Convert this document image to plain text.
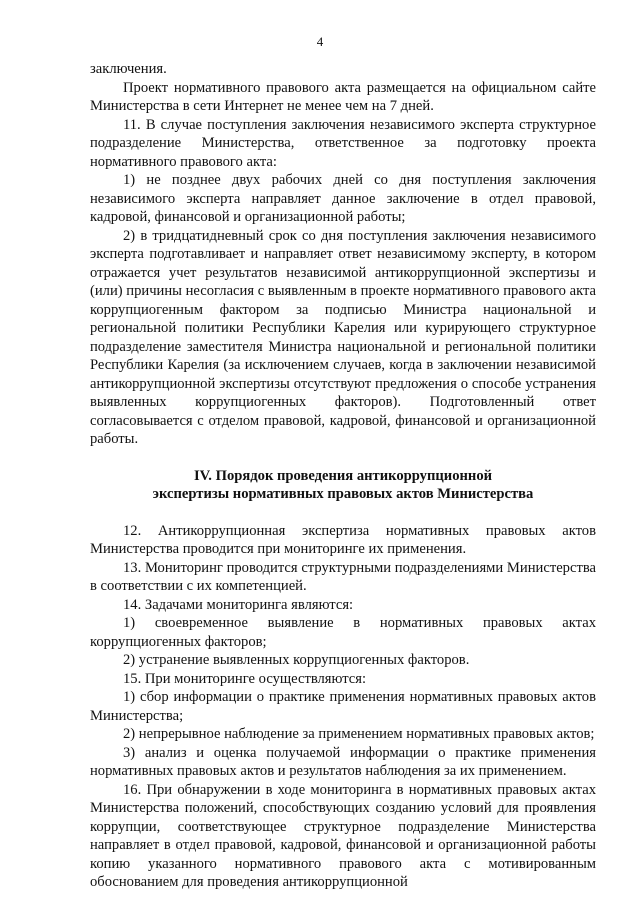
4

заключения.

Проект нормативного правового акта размещается на официальном сайте Министерства в сети Интернет не менее чем на 7 дней.

11. В случае поступления заключения независимого эксперта структурное подразделение Министерства, ответственное за подготовку проекта нормативного правового акта:

1) не позднее двух рабочих дней со дня поступления заключения независимого эксперта направляет данное заключение в отдел правовой, кадровой, финансовой и организационной работы;

2) в тридцатидневный срок со дня поступления заключения независимого эксперта подготавливает и направляет ответ независимому эксперту, в котором отражается учет результатов независимой антикоррупционной экспертизы и (или) причины несогласия с выявленным в проекте нормативного правового акта коррупциогенным фактором за подписью Министра национальной и региональной политики Республики Карелия или курирующего структурное подразделение заместителя Министра национальной и региональной политики Республики Карелия (за исключением случаев, когда в заключении независимой антикоррупционной экспертизы отсутствуют предложения о способе устранения выявленных коррупциогенных факторов). Подготовленный ответ согласовывается с отделом правовой, кадровой, финансовой и организационной работы.

IV. Порядок проведения антикоррупционной
экспертизы нормативных правовых актов Министерства

12. Антикоррупционная экспертиза нормативных правовых актов Министерства проводится при мониторинге их применения.

13. Мониторинг проводится структурными подразделениями Министерства в соответствии с их компетенцией.

14. Задачами мониторинга являются:

1) своевременное выявление в нормативных правовых актах коррупциогенных факторов;

2) устранение выявленных коррупциогенных факторов.

15. При мониторинге осуществляются:

1) сбор информации о практике применения нормативных правовых актов Министерства;

2) непрерывное наблюдение за применением нормативных правовых актов;

3) анализ и оценка получаемой информации о практике применения нормативных правовых актов и результатов наблюдения за их применением.

16. При обнаружении в ходе мониторинга в нормативных правовых актах Министерства положений, способствующих созданию условий для проявления коррупции, соответствующее структурное подразделение Министерства направляет в отдел правовой, кадровой, финансовой и организационной работы копию указанного нормативного правового акта с мотивированным обоснованием для проведения антикоррупционной
